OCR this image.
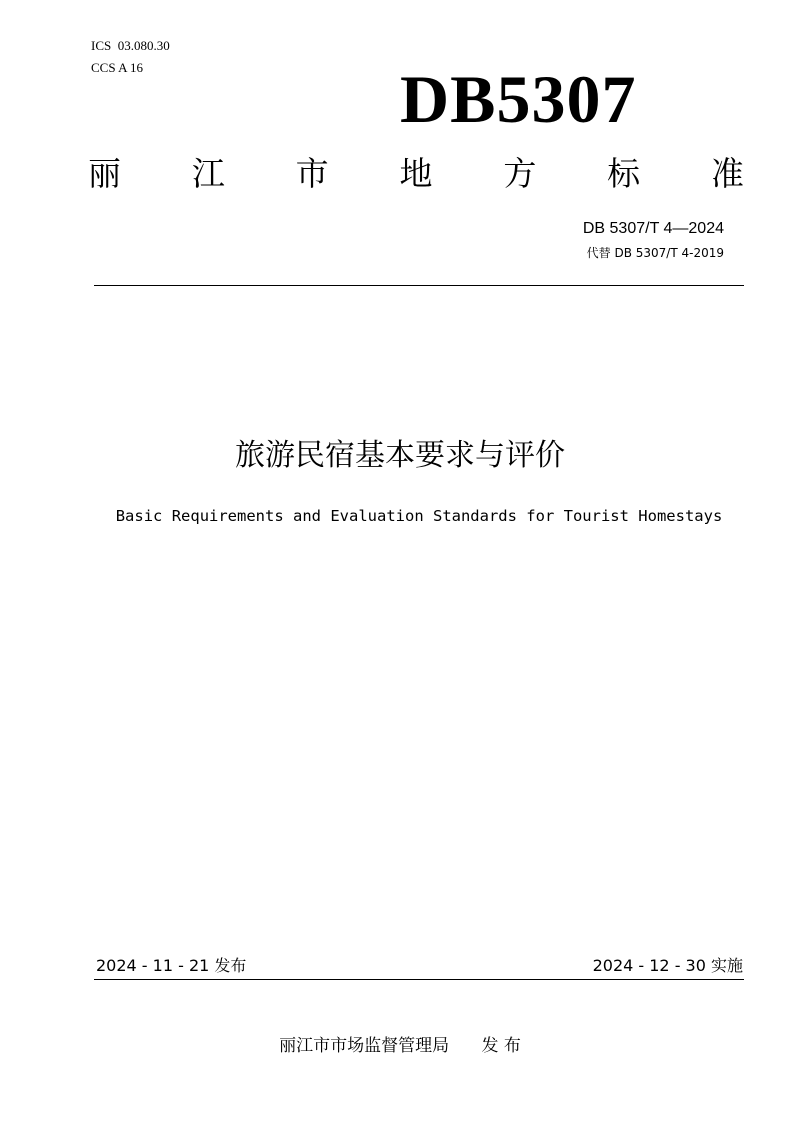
ICS  03.080.30
CCS A 16	DB5307
丽 江 市 地 方 标 准
DB 5307/T 4—2024
代替 DB 5307/T 4-2019
旅游民宿基本要求与评价
Basic Requirements and Evaluation Standards for Tourist Homestays
2024 - 11 - 21 发布	2024 - 12 - 30 实施
丽江市市场监督管理局 发 布
